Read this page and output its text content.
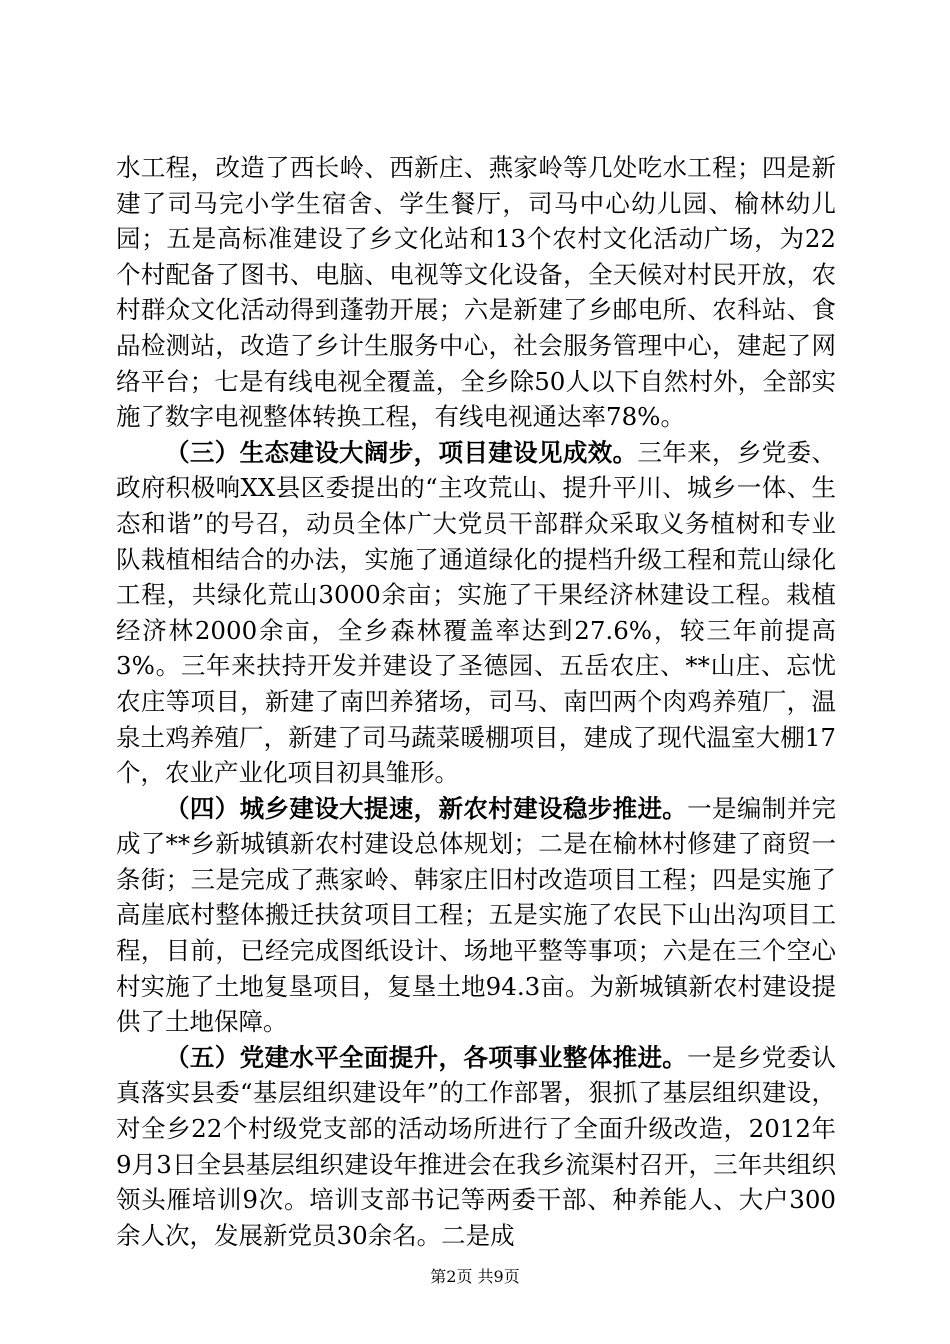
水工程，改造了西长岭、西新庄、燕家岭等几处吃水工程；四是新建了司马完小学生宿舍、学生餐厅，司马中心幼儿园、榆林幼儿园；五是高标准建设了乡文化站和13个农村文化活动广场，为22个村配备了图书、电脑、电视等文化设备，全天候对村民开放，农村群众文化活动得到蓬勃开展；六是新建了乡邮电所、农科站、食品检测站，改造了乡计生服务中心，社会服务管理中心，建起了网络平台；七是有线电视全覆盖，全乡除50人以下自然村外，全部实施了数字电视整体转换工程，有线电视通达率78%。

（三）生态建设大阔步，项目建设见成效。三年来，乡党委、政府积极响XX县区委提出的“主攻荒山、提升平川、城乡一体、生态和谐”的号召，动员全体广大党员干部群众采取义务植树和专业队栽植相结合的办法，实施了通道绿化的提档升级工程和荒山绿化工程，共绿化荒山3000余亩；实施了干果经济林建设工程。栽植经济林2000余亩，全乡森林覆盖率达到27.6%，较三年前提高3%。三年来扶持开发并建设了圣德园、五岳农庄、**山庄、忘忧农庄等项目，新建了南凹养猪场，司马、南凹两个肉鸡养殖厂，温泉土鸡养殖厂，新建了司马蔬菜暖棚项目，建成了现代温室大棚17个，农业产业化项目初具雏形。

（四）城乡建设大提速，新农村建设稳步推进。一是编制并完成了**乡新城镇新农村建设总体规划；二是在榆林村修建了商贸一条街；三是完成了燕家岭、韩家庄旧村改造项目工程；四是实施了高崖底村整体搬迁扶贫项目工程；五是实施了农民下山出沟项目工程，目前，已经完成图纸设计、场地平整等事项；六是在三个空心村实施了土地复垦项目，复垦土地94.3亩。为新城镇新农村建设提供了土地保障。

（五）党建水平全面提升，各项事业整体推进。一是乡党委认真落实县委“基层组织建设年”的工作部署，狠抓了基层组织建设，对全乡22个村级党支部的活动场所进行了全面升级改造，2012年9月3日全县基层组织建设年推进会在我乡流渠村召开，三年共组织领头雁培训9次。培训支部书记等两委干部、种养能人、大户300余人次，发展新党员30余名。二是成

第2页 共9页
